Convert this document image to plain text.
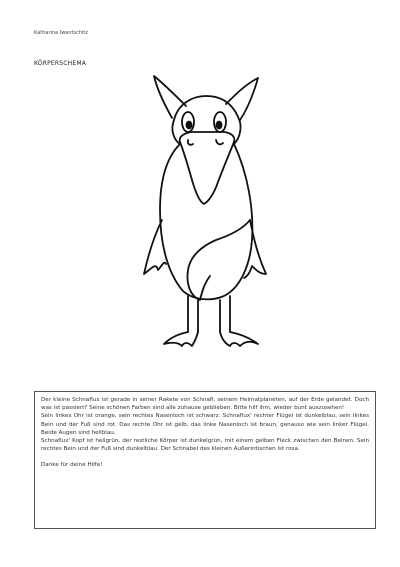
Katharina Iwantschitz
KÖRPERSCHEMA

Der kleine Schnaflux ist gerade in seiner Rakete von Schnafl, seinem Heimatplaneten, auf der Erde gelandet. Doch was ist passiert? Seine schönen Farben sind alle zuhause geblieben. Bitte hilf ihm, wieder bunt auszusehen!

Sein linkes Ohr ist orange, sein rechtes Nasenloch ist schwarz. Schnaflux' rechter Flügel ist dunkelblau, sein linkes Bein und der Fuß sind rot. Das rechte Ohr ist gelb, das linke Nasenloch ist braun, genauso wie sein linker Flügel. Beide Augen sind hellblau.

Schnaflux' Kopf ist hellgrün, der restliche Körper ist dunkelgrün, mit einem gelben Fleck zwischen den Beinen. Sein rechtes Bein und der Fuß sind dunkelblau. Der Schnabel des kleinen Außerirdischen ist rosa.

Danke für deine Hilfe!
